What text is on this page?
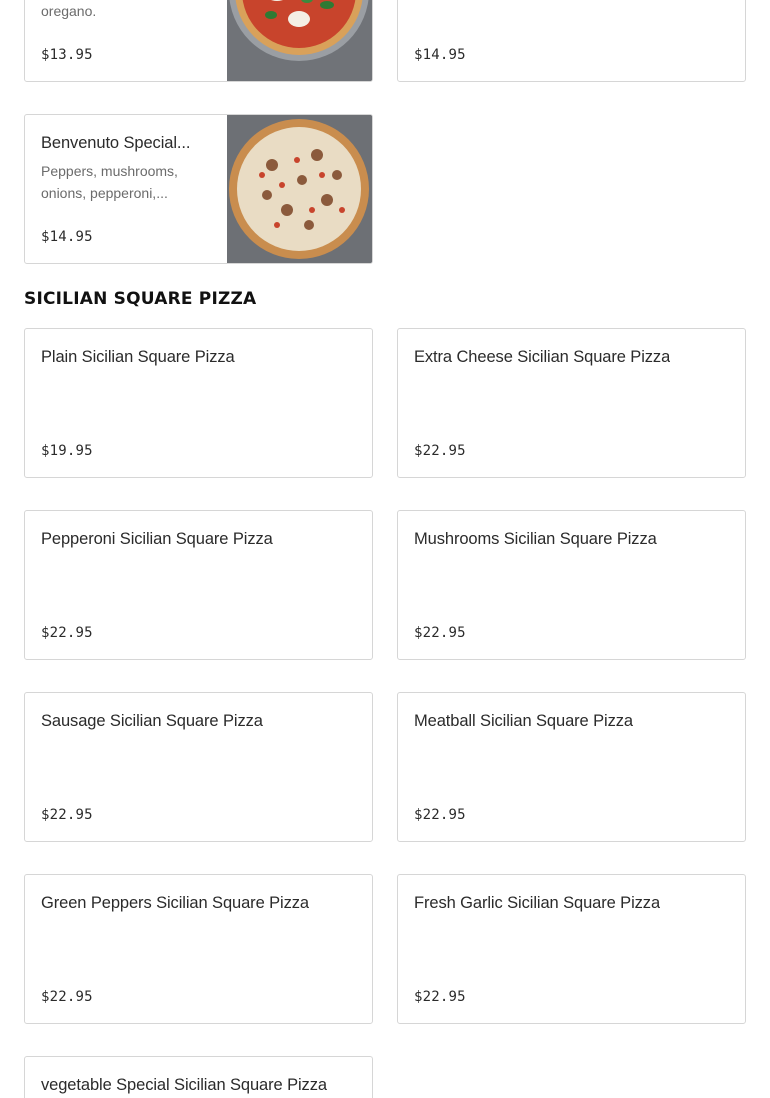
oregano.
$13.95	$14.95
Benvenuto Special...
Peppers, mushrooms, onions, pepperoni,...
$14.95
SICILIAN SQUARE PIZZA
Plain Sicilian Square Pizza
$19.95
Extra Cheese Sicilian Square Pizza
$22.95
Pepperoni Sicilian Square Pizza
$22.95
Mushrooms Sicilian Square Pizza
$22.95
Sausage Sicilian Square Pizza
$22.95
Meatball Sicilian Square Pizza
$22.95
Green Peppers Sicilian Square Pizza
$22.95
Fresh Garlic Sicilian Square Pizza
$22.95
vegetable Special Sicilian Square Pizza
